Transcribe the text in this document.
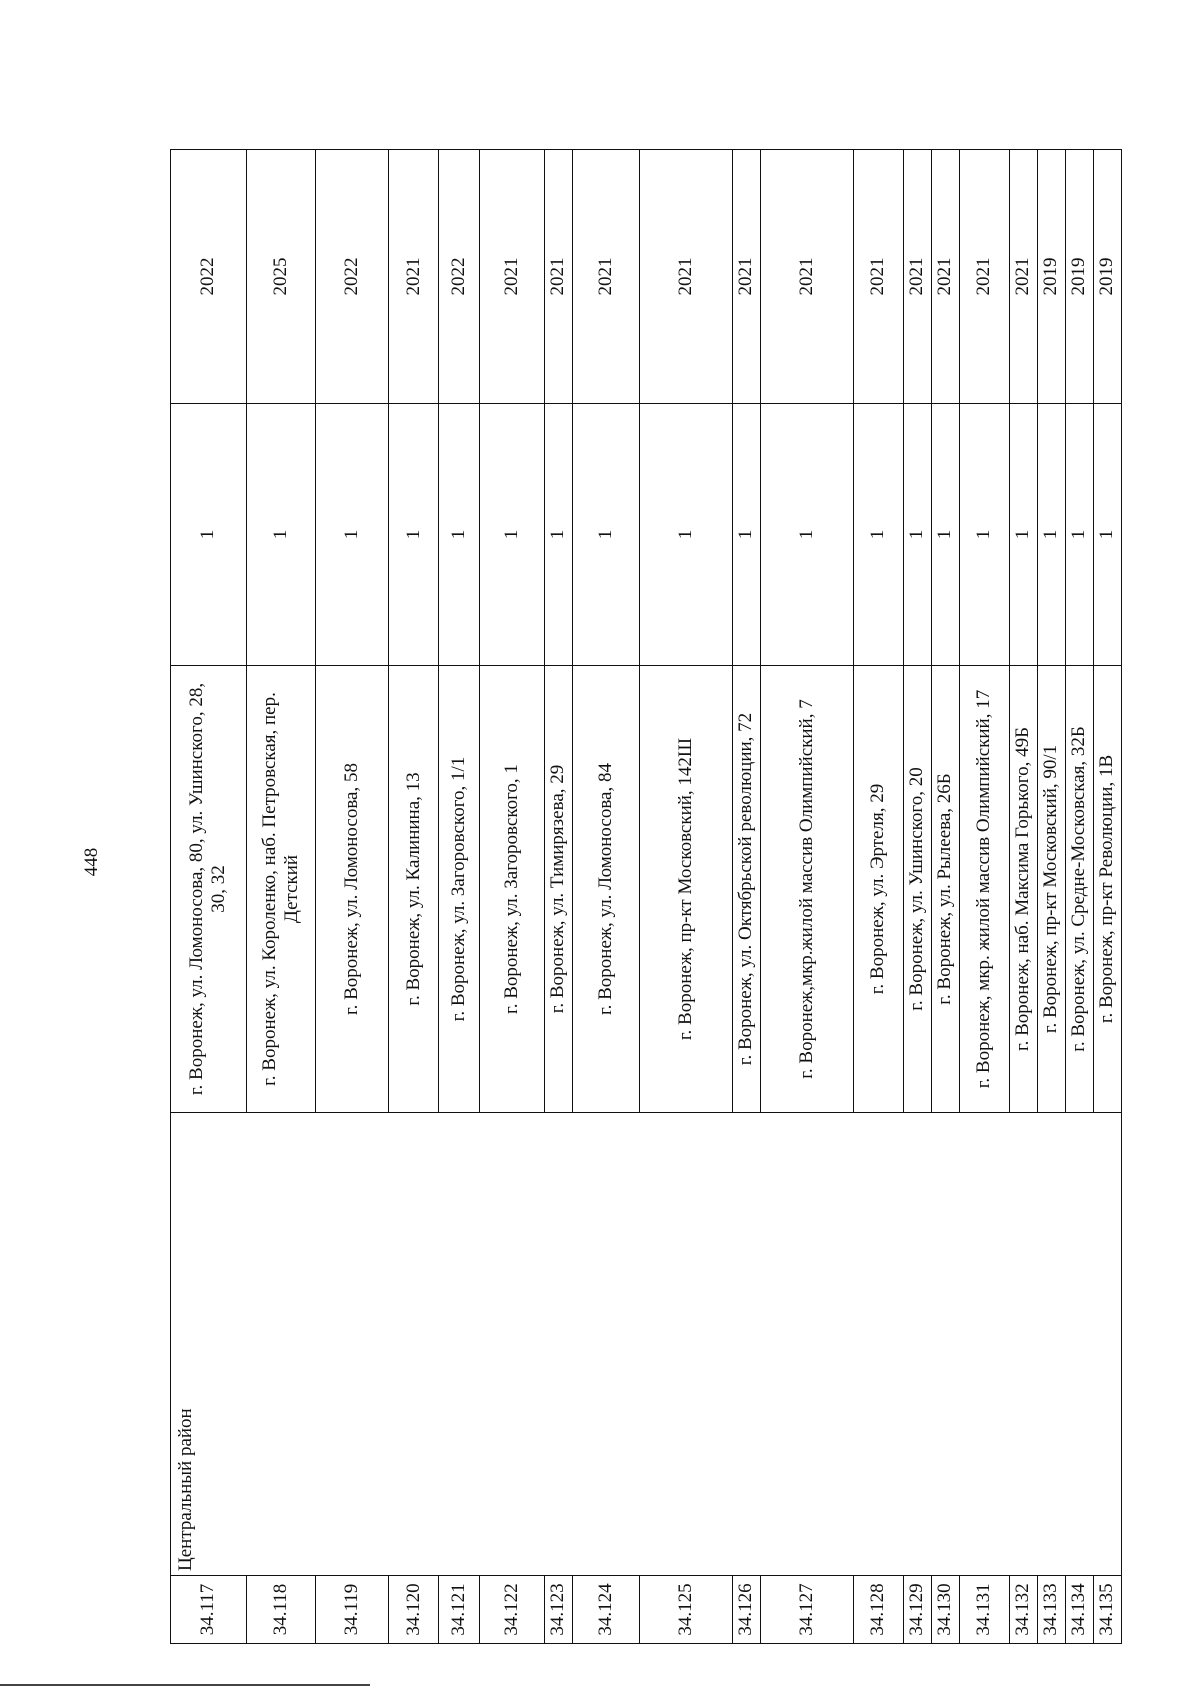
448
34.117	Центральный район	г. Воронеж, ул. Ломоносова, 80, ул. Ушинского, 28, 30, 32	1	2022
34.118		г. Воронеж, ул. Короленко, наб. Петровская, пер. Детский	1	2025
34.119		г. Воронеж, ул. Ломоносова, 58	1	2022
34.120		г. Воронеж, ул. Калинина, 13	1	2021
34.121		г. Воронеж, ул. Загоровского, 1/1	1	2022
34.122		г. Воронеж, ул. Загоровского, 1	1	2021
34.123		г. Воронеж, ул. Тимирязева, 29	1	2021
34.124		г. Воронеж, ул. Ломоносова, 84	1	2021
34.125		г. Воронеж, пр-кт Московский, 142Ш	1	2021
34.126		г. Воронеж, ул. Октябрьской революции, 72	1	2021
34.127		г. Воронеж,мкр.жилой массив Олимпийский, 7	1	2021
34.128		г. Воронеж, ул. Эртеля, 29	1	2021
34.129		г. Воронеж, ул. Ушинского, 20	1	2021
34.130		г. Воронеж, ул. Рылеева, 26Б	1	2021
34.131		г. Воронеж, мкр. жилой массив Олимпийский, 17	1	2021
34.132		г. Воронеж, наб. Максима Горького, 49Б	1	2021
34.133		г. Воронеж, пр-кт Московский, 90/1	1	2019
34.134		г. Воронеж, ул. Средне-Московская, 32Б	1	2019
34.135		г. Воронеж, пр-кт Революции, 1В	1	2019
